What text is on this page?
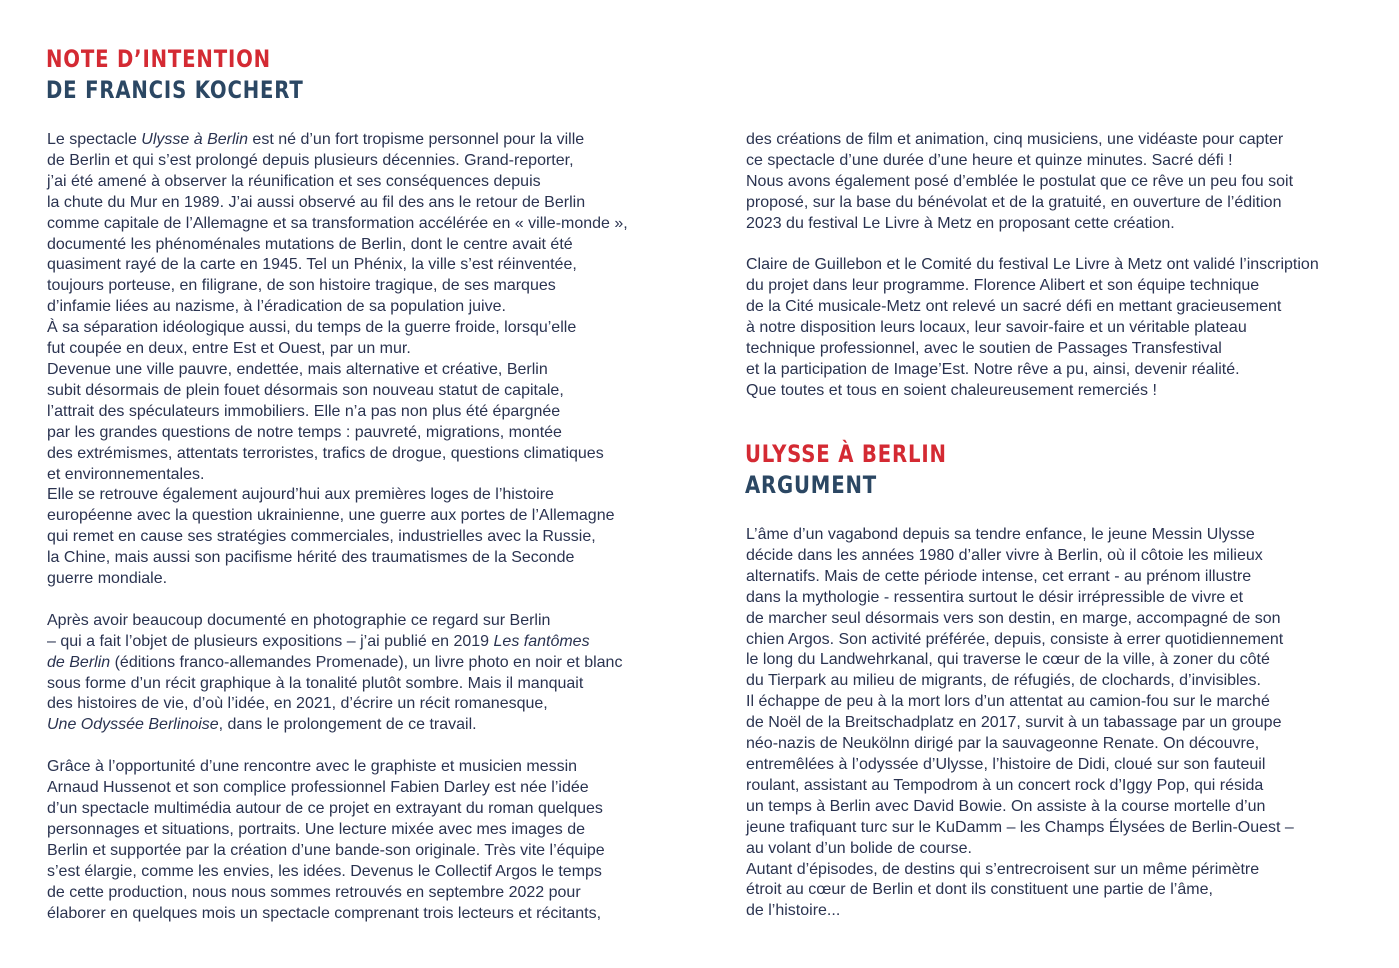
NOTE D’INTENTION
DE FRANCIS KOCHERT
Le spectacle Ulysse à Berlin est né d’un fort tropisme personnel pour la ville
de Berlin et qui s’est prolongé depuis plusieurs décennies. Grand-reporter,
j’ai été amené à observer la réunification et ses conséquences depuis
la chute du Mur en 1989. J’ai aussi observé au fil des ans le retour de Berlin
comme capitale de l’Allemagne et sa transformation accélérée en « ville-monde »,
documenté les phénoménales mutations de Berlin, dont le centre avait été
quasiment rayé de la carte en 1945. Tel un Phénix, la ville s’est réinventée,
toujours porteuse, en filigrane, de son histoire tragique, de ses marques
d’infamie liées au nazisme, à l’éradication de sa population juive.
À sa séparation idéologique aussi, du temps de la guerre froide, lorsqu’elle
fut coupée en deux, entre Est et Ouest, par un mur.
Devenue une ville pauvre, endettée, mais alternative et créative, Berlin
subit désormais de plein fouet désormais son nouveau statut de capitale,
l’attrait des spéculateurs immobiliers. Elle n’a pas non plus été épargnée
par les grandes questions de notre temps : pauvreté, migrations, montée
des extrémismes, attentats terroristes, trafics de drogue, questions climatiques
et environnementales.
Elle se retrouve également aujourd’hui aux premières loges de l’histoire
européenne avec la question ukrainienne, une guerre aux portes de l’Allemagne
qui remet en cause ses stratégies commerciales, industrielles avec la Russie,
la Chine, mais aussi son pacifisme hérité des traumatismes de la Seconde
guerre mondiale.
Après avoir beaucoup documenté en photographie ce regard sur Berlin
– qui a fait l’objet de plusieurs expositions – j’ai publié en 2019 Les fantômes
de Berlin (éditions franco-allemandes Promenade), un livre photo en noir et blanc
sous forme d’un récit graphique à la tonalité plutôt sombre. Mais il manquait
des histoires de vie, d’où l’idée, en 2021, d’écrire un récit romanesque,
Une Odyssée Berlinoise, dans le prolongement de ce travail.
Grâce à l’opportunité d’une rencontre avec le graphiste et musicien messin
Arnaud Hussenot et son complice professionnel Fabien Darley est née l’idée
d’un spectacle multimédia autour de ce projet en extrayant du roman quelques
personnages et situations, portraits. Une lecture mixée avec mes images de
Berlin et supportée par la création d’une bande-son originale. Très vite l’équipe
s’est élargie, comme les envies, les idées. Devenus le Collectif Argos le temps
de cette production, nous nous sommes retrouvés en septembre 2022 pour
élaborer en quelques mois un spectacle comprenant trois lecteurs et récitants,
des créations de film et animation, cinq musiciens, une vidéaste pour capter
ce spectacle d’une durée d’une heure et quinze minutes. Sacré défi !
Nous avons également posé d’emblée le postulat que ce rêve un peu fou soit
proposé, sur la base du bénévolat et de la gratuité, en ouverture de l’édition
2023 du festival Le Livre à Metz en proposant cette création.
Claire de Guillebon et le Comité du festival Le Livre à Metz ont validé l’inscription
du projet dans leur programme. Florence Alibert et son équipe technique
de la Cité musicale-Metz ont relevé un sacré défi en mettant gracieusement
à notre disposition leurs locaux, leur savoir-faire et un véritable plateau
technique professionnel, avec le soutien de Passages Transfestival
et la participation de Image’Est. Notre rêve a pu, ainsi, devenir réalité.
Que toutes et tous en soient chaleureusement remerciés !
ULYSSE À BERLIN
ARGUMENT
L’âme d’un vagabond depuis sa tendre enfance, le jeune Messin Ulysse
décide dans les années 1980 d’aller vivre à Berlin, où il côtoie les milieux
alternatifs. Mais de cette période intense, cet errant - au prénom illustre
dans la mythologie - ressentira surtout le désir irrépressible de vivre et
de marcher seul désormais vers son destin, en marge, accompagné de son
chien Argos. Son activité préférée, depuis, consiste à errer quotidiennement
le long du Landwehrkanal, qui traverse le cœur de la ville, à zoner du côté
du Tierpark au milieu de migrants, de réfugiés, de clochards, d’invisibles.
Il échappe de peu à la mort lors d’un attentat au camion-fou sur le marché
de Noël de la Breitschadplatz en 2017, survit à un tabassage par un groupe
néo-nazis de Neukölnn dirigé par la sauvageonne Renate. On découvre,
entremêlées à l’odyssée d’Ulysse, l’histoire de Didi, cloué sur son fauteuil
roulant, assistant au Tempodrom à un concert rock d’Iggy Pop, qui résida
un temps à Berlin avec David Bowie. On assiste à la course mortelle d’un
jeune trafiquant turc sur le KuDamm – les Champs Élysées de Berlin-Ouest –
au volant d’un bolide de course.
Autant d’épisodes, de destins qui s’entrecroisent sur un même périmètre
étroit au cœur de Berlin et dont ils constituent une partie de l’âme,
de l’histoire...
